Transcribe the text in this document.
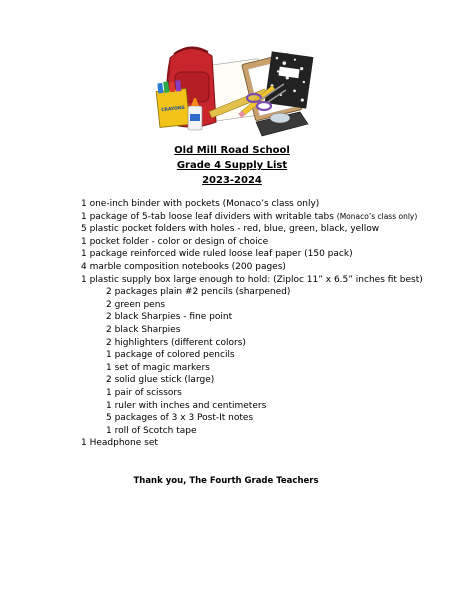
CRAYONS
Old Mill Road School
Grade 4 Supply List
2023-2024
1 one-inch binder with pockets (Monaco’s class only)
1 package of 5-tab loose leaf dividers with writable tabs (Monaco’s class only)
5 plastic pocket folders with holes - red, blue, green, black, yellow
1 pocket folder - color or design of choice
1 package reinforced wide ruled loose leaf paper (150 pack)
4 marble composition notebooks (200 pages)
1 plastic supply box large enough to hold: (Ziploc 11” x 6.5” inches fit best)
2 packages plain #2 pencils (sharpened)
2 green pens
2 black Sharpies - fine point
2 black Sharpies
2 highlighters (different colors)
1 package of colored pencils
1 set of magic markers
2 solid glue stick (large)
1 pair of scissors
1 ruler with inches and centimeters
5 packages of 3 x 3 Post-It notes
1 roll of Scotch tape
1 Headphone set
Thank you, The Fourth Grade Teachers
